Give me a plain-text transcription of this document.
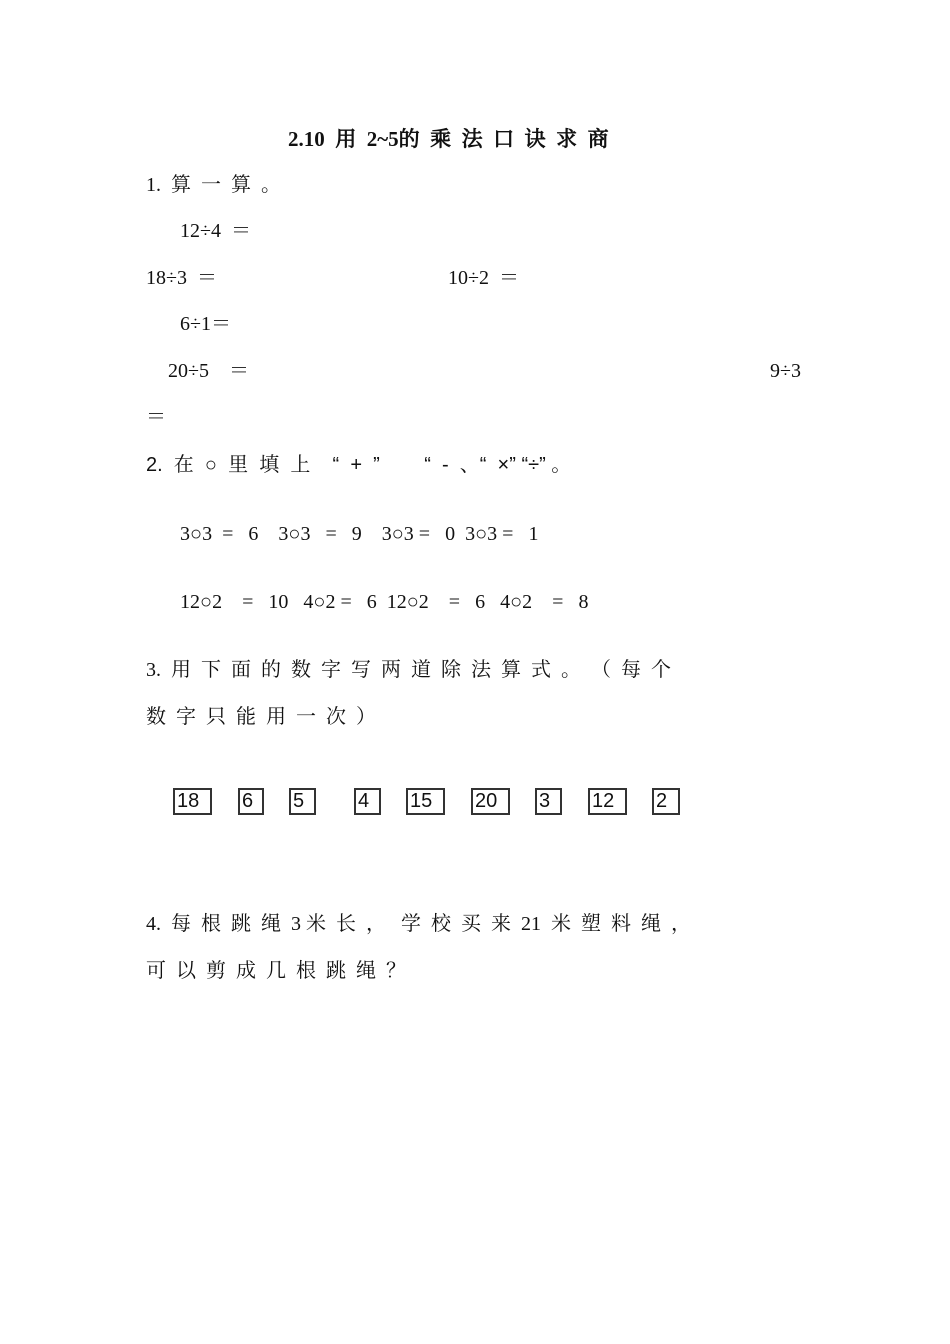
2.10  用  2~5的  乘  法  口  诀  求  商
1.  算  一  算  。
12÷4  ＝
18÷3  ＝	10÷2  ＝
6÷1＝
20÷5    ＝	9÷3
＝
2.  在  ○  里  填  上    “  +  ”        “  -  、“  ×” “÷” 。
3○3  =   6    3○3   =   9    3○3 =   0  3○3 =   1
12○2    =   10   4○2 =   6  12○2    =   6   4○2    =   8
3.  用  下  面  的  数  字  写  两  道  除  法  算  式  。  （  每  个
数  字  只  能  用  一  次  ）
18	6	5	4	15	20	3	12	2
4.  每  根  跳  绳  3 米  长  ，   学  校  买  来  21  米  塑  料  绳  ，
可  以  剪  成  几  根  跳  绳  ？
